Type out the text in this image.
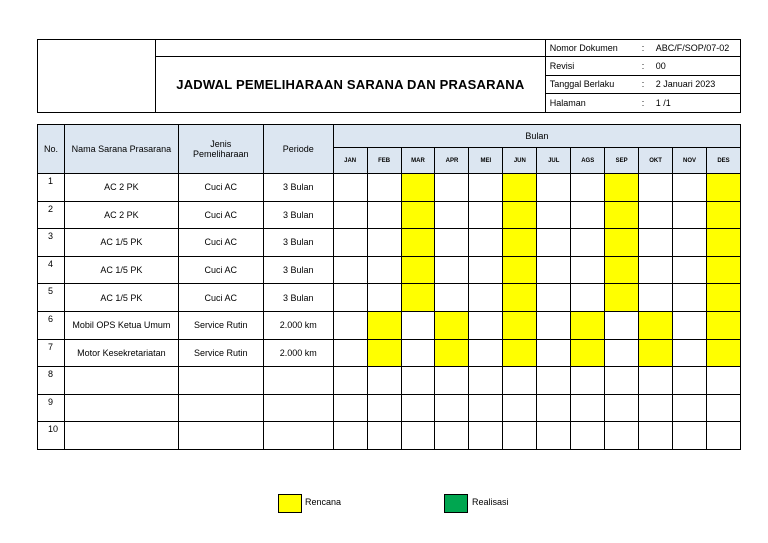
		Nomor Dokumen	: ABC/F/SOP/07-02
	JADWAL PEMELIHARAAN SARANA DAN PRASARANA	Revisi	: 00
		Tanggal Berlaku	: 2 Januari 2023
		Halaman	: 1 /1
No.	Nama Sarana Prasarana	Jenis Pemeliharaan	Periode	Bulan											
				JAN	FEB	MAR	APR	MEI	JUN	JUL	AGS	SEP	OKT	NOV	DES
1	AC 2 PK	Cuci AC	3 Bulan												
2	AC 2 PK	Cuci AC	3 Bulan												
3	AC 1/5 PK	Cuci AC	3 Bulan												
4	AC 1/5 PK	Cuci AC	3 Bulan												
5	AC 1/5 PK	Cuci AC	3 Bulan												
6	Mobil OPS Ketua Umum	Service Rutin	2.000 km												
7	Motor Kesekretariatan	Service Rutin	2.000 km												
8															
9															
10															
Rencana	Realisasi
